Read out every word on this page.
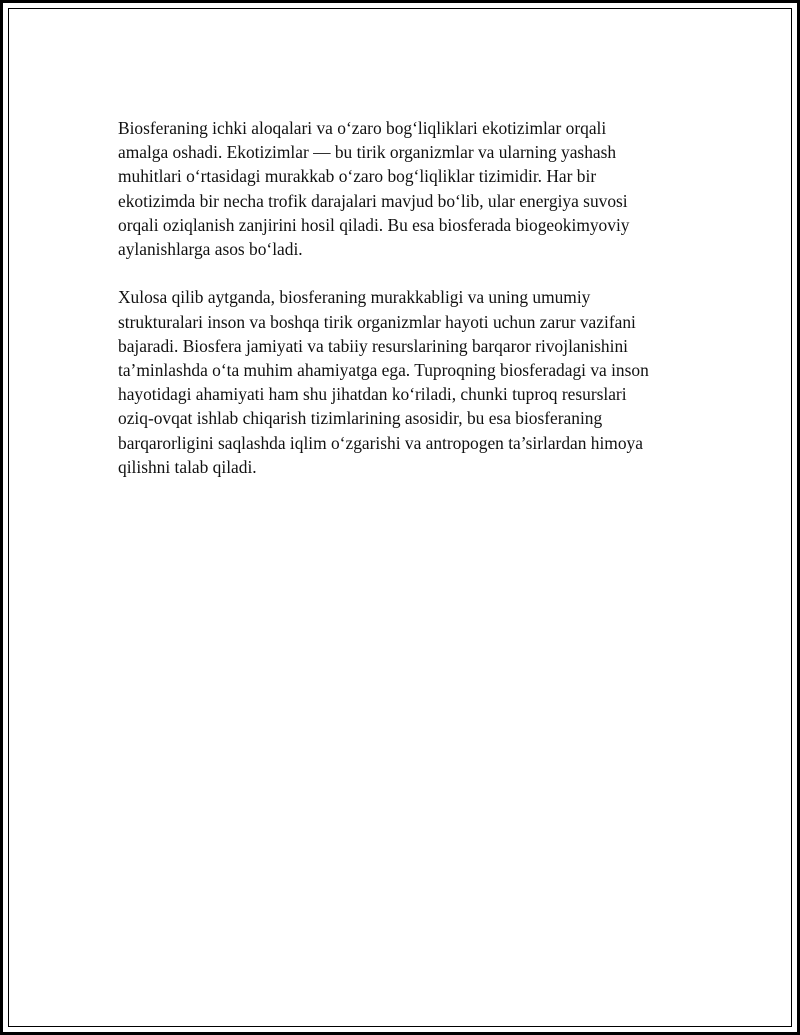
Biosferaning ichki aloqalari va o‘zaro bog‘liqliklari ekotizimlar orqali
amalga oshadi. Ekotizimlar — bu tirik organizmlar va ularning yashash
muhitlari o‘rtasidagi murakkab o‘zaro bog‘liqliklar tizimidir. Har bir
ekotizimda bir necha trofik darajalari mavjud bo‘lib, ular energiya suvosi
orqali oziqlanish zanjirini hosil qiladi. Bu esa biosferada biogeokimyoviy
aylanishlarga asos bo‘ladi.

Xulosa qilib aytganda, biosferaning murakkabligi va uning umumiy
strukturalari inson va boshqa tirik organizmlar hayoti uchun zarur vazifani
bajaradi. Biosfera jamiyati va tabiiy resurslarining barqaror rivojlanishini
ta’minlashda o‘ta muhim ahamiyatga ega. Tuproqning biosferadagi va inson
hayotidagi ahamiyati ham shu jihatdan ko‘riladi, chunki tuproq resurslari
oziq-ovqat ishlab chiqarish tizimlarining asosidir, bu esa biosferaning
barqarorligini saqlashda iqlim o‘zgarishi va antropogen ta’sirlardan himoya
qilishni talab qiladi.
